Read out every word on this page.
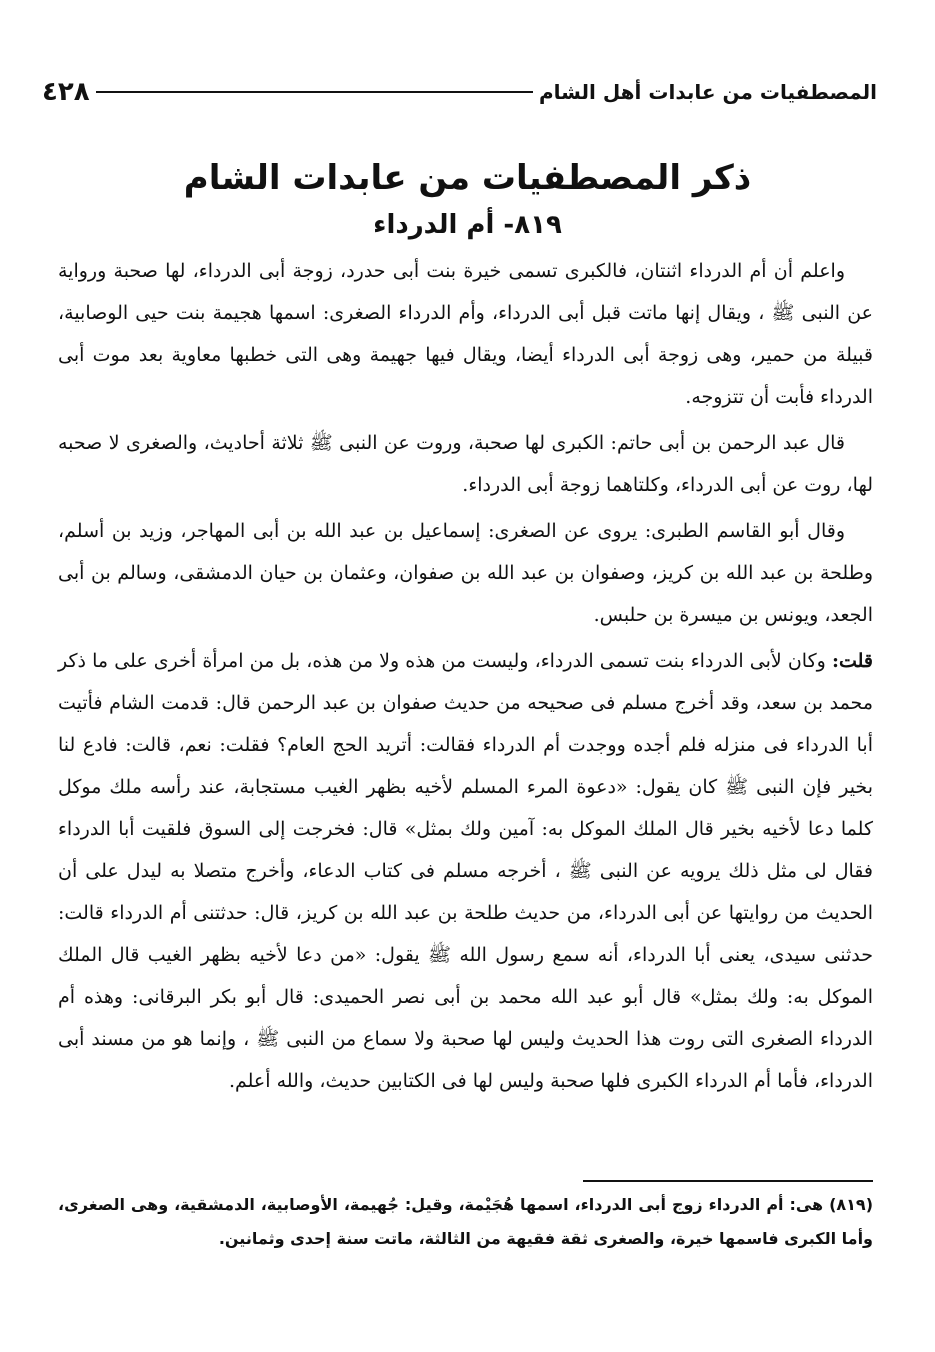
المصطفيات من عابدات أهل الشام
٤٢٨
ذكر المصطفيات من عابدات الشام
٨١٩- أم الدرداء

واعلم أن أم الدرداء اثنتان، فالكبرى تسمى خيرة بنت أبى حدرد، زوجة أبى الدرداء، لها صحبة ورواية عن النبى ﷺ ، ويقال إنها ماتت قبل أبى الدرداء، وأم الدرداء الصغرى: اسمها هجيمة بنت حيى الوصابية، قبيلة من حمير، وهى زوجة أبى الدرداء أيضا، ويقال فيها جهيمة وهى التى خطبها معاوية بعد موت أبى الدرداء فأبت أن تتزوجه.

قال عبد الرحمن بن أبى حاتم: الكبرى لها صحبة، وروت عن النبى ﷺ ثلاثة أحاديث، والصغرى لا صحبه لها، روت عن أبى الدرداء، وكلتاهما زوجة أبى الدرداء.

وقال أبو القاسم الطبرى: يروى عن الصغرى: إسماعيل بن عبد الله بن أبى المهاجر، وزيد بن أسلم، وطلحة بن عبد الله بن كريز، وصفوان بن عبد الله بن صفوان، وعثمان بن حيان الدمشقى، وسالم بن أبى الجعد، ويونس بن ميسرة بن حلبس.

قلت: وكان لأبى الدرداء بنت تسمى الدرداء، وليست من هذه ولا من هذه، بل من امرأة أخرى على ما ذكر محمد بن سعد، وقد أخرج مسلم فى صحيحه من حديث صفوان بن عبد الرحمن قال: قدمت الشام فأتيت أبا الدرداء فى منزله فلم أجده ووجدت أم الدرداء فقالت: أتريد الحج العام؟ فقلت: نعم، قالت: فادع لنا بخير فإن النبى ﷺ كان يقول: «دعوة المرء المسلم لأخيه بظهر الغيب مستجابة، عند رأسه ملك موكل كلما دعا لأخيه بخير قال الملك الموكل به: آمين ولك بمثل» قال: فخرجت إلى السوق فلقيت أبا الدرداء فقال لى مثل ذلك يرويه عن النبى ﷺ ، أخرجه مسلم فى كتاب الدعاء، وأخرج متصلا به ليدل على أن الحديث من روايتها عن أبى الدرداء، من حديث طلحة بن عبد الله بن كريز، قال: حدثتنى أم الدرداء قالت: حدثنى سيدى، يعنى أبا الدرداء، أنه سمع رسول الله ﷺ يقول: «من دعا لأخيه بظهر الغيب قال الملك الموكل به: ولك بمثل» قال أبو عبد الله محمد بن أبى نصر الحميدى: قال أبو بكر البرقانى: وهذه أم الدرداء الصغرى التى روت هذا الحديث وليس لها صحبة ولا سماع من النبى ﷺ ، وإنما هو من مسند أبى الدرداء، فأما أم الدرداء الكبرى فلها صحبة وليس لها فى الكتابين حديث، والله أعلم.

(٨١٩) هى: أم الدرداء زوج أبى الدرداء، اسمها هُجَيْمة، وقيل: جُهيمة، الأوصابية، الدمشقية، وهى الصغرى، وأما الكبرى فاسمها خيرة، والصغرى ثقة فقيهة من الثالثة، ماتت سنة إحدى وثمانين.
